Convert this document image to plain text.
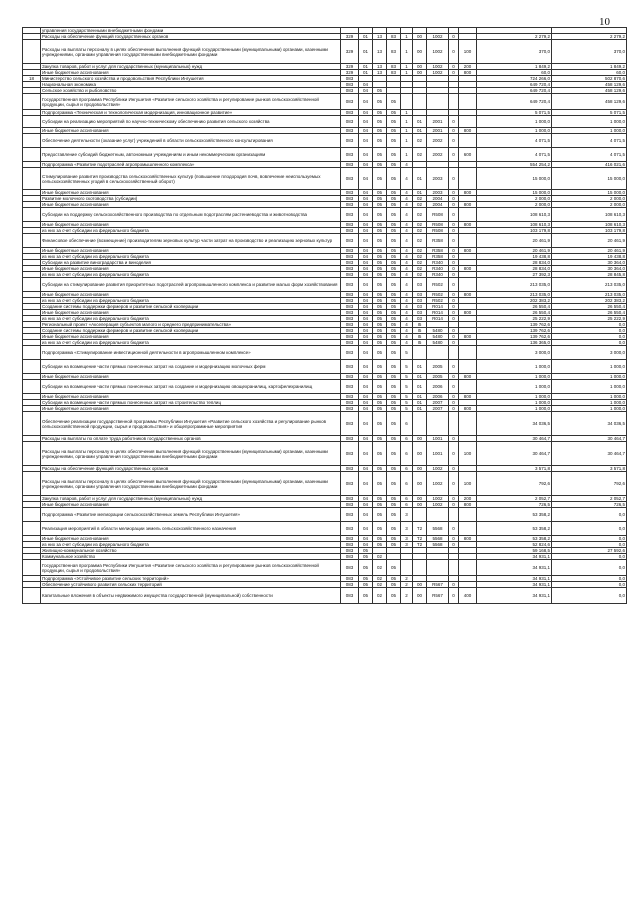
10
	управления государственными внебюджетными фондами											
	Расходы на обеспечение функций государственных органов	329	01	13	83	1	00	1002	0		2 279,2	2 279,2
	Расходы на выплаты персоналу в целях обеспечения выполнения функций государственными (муниципальными) органами, казенными учреждениями, органами управления государственными внебюджетными фондами	329	01	13	83	1	00	1002	0	100	370,0	370,0
	Закупка товаров, работ и услуг для государственных (муниципальных) нужд	329	01	13	83	1	00	1002	0	200	1 849,2	1 849,2
	Иные бюджетные ассигнования	329	01	13	83	1	00	1002	0	800	60,0	60,0
18	Министерство сельского хозяйства и продовольствия Республики Ингушетия	083									724 266,0	502 870,6
	Национальная экономика	083	04								649 720,4	458 129,6
	Сельское хозяйство и рыболовство	083	04	05							649 720,4	458 129,6
	Государственная программа Республики Ингушетия «Развитие сельского хозяйства и регулирование рынков сельскохозяйственной продукции, сырья и продовольствия»	083	04	05	05						649 720,4	458 129,6
	Подпрограмма «Техническая и технологическая модернизация, инновационное развитие»	083	04	05	05	1					5 071,5	5 071,5
	Субсидии на реализацию мероприятий по научно-техническому обеспечению развития сельского хозяйства	083	04	05	05	1	01	2001	0		1 000,0	1 000,0
	Иные бюджетные ассигнования	083	04	05	05	1	01	2001	0	800	1 000,0	1 000,0
	Обеспечение деятельности (оказание услуг) учреждений в области сельскохозяйственного консультирования	083	04	05	05	1	02	2002	0		4 071,5	4 071,5
	Предоставление субсидий бюджетным, автономным учреждениям и иным некоммерческим организациям	083	04	05	05	1	02	2002	0	600	4 071,5	4 071,5
	Подпрограмма «Развитие подотраслей агропромышленного комплекса»	083	04	05	05	4					554 254,2	416 021,6
	Стимулирование развития производства сельскохозяйственных культур (повышение плодородия почв, вовлечение неиспользуемых сельскохозяйственных угодий в сельскохозяйственный оборот)	083	04	05	05	4	01	2003	0		15 000,0	15 000,0
	Иные бюджетные ассигнования	083	04	05	05	4	01	2003	0	800	15 000,0	15 000,0
	Развитие молочного скотоводства (субсидии)	083	04	05	05	4	02	2004	0		2 000,0	2 000,0
	Иные бюджетные ассигнования	083	04	05	05	4	02	2004	0	800	2 000,0	2 000,0
	Субсидии на поддержку сельскохозяйственного производства по отдельным подотраслям растениеводства и животноводства	083	04	05	05	4	02	R508	0		108 610,3	108 610,3
	Иные бюджетные ассигнования	083	04	05	05	4	02	R508	0	800	108 610,3	108 610,3
	из них за счет субсидии из федерального бюджета	083	04	05	05	4	02	R508	0		103 179,8	103 179,8
	Финансовое обеспечение (возмещение) производителям зерновых культур части затрат на производство и реализацию зерновых культур	083	04	05	05	4	02	R358	0		20 461,9	20 461,9
	Иные бюджетные ассигнования	083	04	05	05	4	02	R358	0	800	20 461,9	20 461,9
	из них за счет субсидии из федерального бюджета	083	04	05	05	4	02	R358	0		19 438,8	19 438,8
	Субсидии на развитие виноградарства и виноделия	083	04	05	05	4	02	R340	0		28 834,0	30 364,0
	Иные бюджетные ассигнования	083	04	05	05	4	02	R340	0	800	28 834,0	30 364,0
	из них за счет субсидии из федерального бюджета	083	04	05	05	4	02	R340	0		27 392,3	28 845,8
	Субсидии на стимулирование развития приоритетных подотраслей агропромышленного комплекса и развитие малых форм хозяйствования	083	04	05	05	4	03	R502	0		213 035,0	213 035,0
	Иные бюджетные ассигнования	083	04	05	05	4	03	R502	0	800	213 035,0	213 035,0
	из них за счет субсидии из федерального бюджета	083	04	05	05	4	03	R502	0		202 383,2	202 383,2
	Создание системы поддержки фермеров и развитие сельской кооперации	083	04	05	05	4	03	R014	0		26 550,4	26 550,4
	Иные бюджетные ассигнования	083	04	05	05	4	03	R014	0	800	26 550,4	26 550,4
	из них за счет субсидии из федерального бюджета	083	04	05	05	4	03	R014	0		25 222,9	25 222,9
	Региональный проект «Акселерация субъектов малого и среднего предпринимательства»	083	04	05	05	4	I5				139 762,6	0,0
	Создание системы поддержки фермеров и развитие сельской кооперации	083	04	05	05	4	I5	5480	0		139 762,6	0,0
	Иные бюджетные ассигнования	083	04	05	05	4	I5	5480	0	800	139 762,6	0,0
	из них за счет субсидии из федерального бюджета	083	04	05	05	4	I5	5480	0		136 365,0	0,0
	Подпрограмма «Стимулирование инвестиционной деятельности в агропромышленном комплексе»	083	04	05	05	5					3 000,0	3 000,0
	Субсидии на возмещение части прямых понесенных затрат на создание и модернизацию молочных ферм	083	04	05	05	5	01	2005	0		1 000,0	1 000,0
	Иные бюджетные ассигнования	083	04	05	05	5	01	2005	0	800	1 000,0	1 000,0
	Субсидии на возмещение части прямых понесенных затрат на создание и модернизацию овощехранилищ, картофелехранилищ	083	04	05	05	5	01	2006	0		1 000,0	1 000,0
	Иные бюджетные ассигнования	083	04	05	05	5	01	2006	0	800	1 000,0	1 000,0
	Субсидии на возмещение части прямых понесенных затрат на строительство теплиц	083	04	05	05	5	01	2007	0		1 000,0	1 000,0
	Иные бюджетные ассигнования	083	04	05	05	5	01	2007	0	800	1 000,0	1 000,0
	Обеспечение реализации государственной программы Республики Ингушетия «Развитие сельского хозяйства и регулирование рынков сельскохозяйственной продукции, сырья и продовольствия» и общепрограммные мероприятия	083	04	05	05	6					34 036,5	34 036,5
	Расходы на выплаты по оплате труда работников государственных органов	083	04	05	05	6	00	1001	0		30 464,7	30 464,7
	Расходы на выплаты персоналу в целях обеспечения выполнения функций государственными (муниципальными) органами, казенными учреждениями, органами управления государственными внебюджетными фондами	083	04	05	05	6	00	1001	0	100	30 464,7	30 464,7
	Расходы на обеспечение функций государственных органов	083	04	05	05	6	00	1002	0		3 571,8	3 571,8
	Расходы на выплаты персоналу в целях обеспечения выполнения функций государственными (муниципальными) органами, казенными учреждениями, органами управления государственными внебюджетными фондами	083	04	05	05	6	00	1002	0	100	792,6	792,6
	Закупка товаров, работ и услуг для государственных (муниципальных) нужд	083	04	05	05	6	00	1002	0	200	2 052,7	2 052,7
	Иные бюджетные ассигнования	083	04	05	05	6	00	1002	0	800	726,5	726,5
	Подпрограмма «Развитие мелиорации сельскохозяйственных земель Республики Ингушетия»	083	04	05	05	3					53 358,2	0,0
	Реализация мероприятий в области мелиорации земель сельскохозяйственного назначения	083	04	05	05	3	T2	5568	0		53 358,2	0,0
	Иные бюджетные ассигнования	083	04	05	05	3	T2	5568	0	800	53 358,2	0,0
	из них за счет субсидии из федерального бюджета	083	04	05	05	3	T2	5568	0		52 824,6	0,0
	Жилищно-коммунальное хозяйство	083	05								59 168,5	27 592,6
	Коммунальное хозяйство	083	05	02							34 931,1	0,0
	Государственная программа Республики Ингушетия «Развитие сельского хозяйства и регулирование рынков сельскохозяйственной продукции, сырья и продовольствия»	083	05	02	05						34 931,1	0,0
	Подпрограмма «Устойчивое развитие сельских территорий»	083	05	02	05	2					34 931,1	0,0
	Обеспечение устойчивого развития сельских территорий	083	05	02	05	2	00	R567	0		34 931,1	0,0
	Капитальные вложения в объекты недвижимого имущества государственной (муниципальной) собственности	083	05	02	05	2	00	R567	0	400	34 931,1	0,0
